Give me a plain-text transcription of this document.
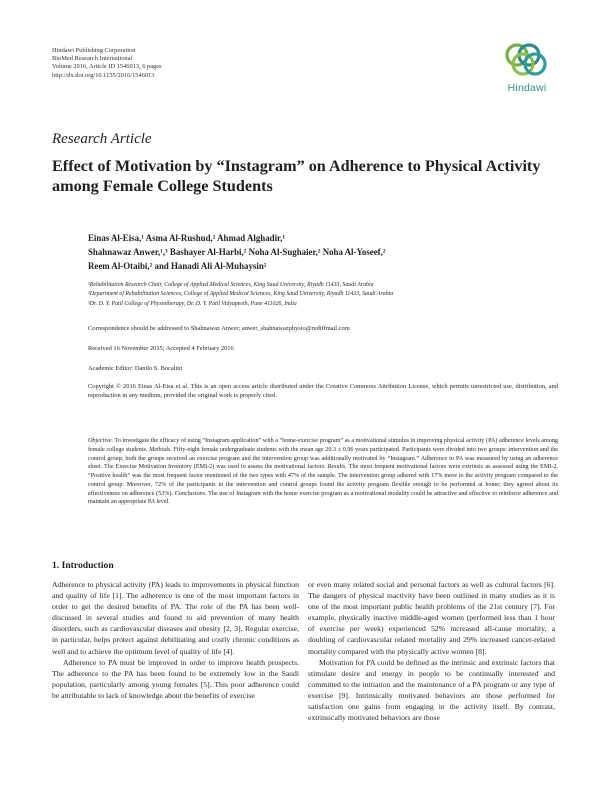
Hindawi Publishing Corporation
BioMed Research International
Volume 2016, Article ID 1546013, 6 pages
http://dx.doi.org/10.1155/2016/1546013
Hindawi
Research Article
Effect of Motivation by “Instagram” on Adherence to Physical Activity among Female College Students
Einas Al-Eisa,¹ Asma Al-Rushud,² Ahmad Alghadir,¹
Shahnawaz Anwer,¹,³ Bashayer Al-Harbi,² Noha Al-Sughaier,² Noha Al-Yoseef,²
Reem Al-Otaibi,² and Hanadi Ali Al-Muhaysin²
¹Rehabilitation Research Chair, College of Applied Medical Sciences, King Saud University, Riyadh 11433, Saudi Arabia
²Department of Rehabilitation Sciences, College of Applied Medical Sciences, King Saud University, Riyadh 11433, Saudi Arabia
³Dr. D. Y. Patil College of Physiotherapy, Dr. D. Y. Patil Vidyapeeth, Pune 411026, India
Correspondence should be addressed to Shahnawaz Anwer; anwer_shahnawazphysio@rediffmail.com
Received 16 November 2015; Accepted 4 February 2016
Academic Editor: Danilo S. Bocalini
Copyright © 2016 Einas Al-Eisa et al. This is an open access article distributed under the Creative Commons Attribution License, which permits unrestricted use, distribution, and reproduction in any medium, provided the original work is properly cited.
Objective. To investigate the efficacy of using “Instagram application” with a “home-exercise program” as a motivational stimulus in improving physical activity (PA) adherence levels among female college students. Methods. Fifty-eight female undergraduate students with the mean age 20.3 ± 0.96 years participated. Participants were divided into two groups: intervention and the control group; both the groups received an exercise program and the intervention group was additionally motivated by “Instagram.” Adherence to PA was measured by using an adherence sheet. The Exercise Motivation Inventory (EMI-2) was used to assess the motivational factors. Results. The most frequent motivational factors were extrinsic as assessed using the EMI-2. “Positive health” was the most frequent factor mentioned of the two types with 47% of the sample. The intervention group adhered with 17% more to the activity program compared to the control group. Moreover, 72% of the participants in the intervention and control groups found the activity program flexible enough to be performed at home; they agreed about its effectiveness on adherence (53%). Conclusions. The use of Instagram with the home exercise program as a motivational modality could be attractive and effective to reinforce adherence and maintain an appropriate PA level.
1. Introduction

Adherence to physical activity (PA) leads to improvements in physical function and quality of life [1]. The adherence is one of the most important factors in order to get the desired benefits of PA. The role of the PA has been well-discussed in several studies and found to aid prevention of many health disorders, such as cardiovascular diseases and obesity [2, 3]. Regular exercise, in particular, helps protect against debilitating and costly chronic conditions as well and to achieve the optimum level of quality of life [4].

Adherence to PA must be improved in order to improve health prospects. The adherence to the PA has been found to be extremely low in the Saudi population, particularly among young females [5]. This poor adherence could be attributable to lack of knowledge about the benefits of exercise

or even many related social and personal factors as well as cultural factors [6]. The dangers of physical inactivity have been outlined in many studies as it is one of the most important public health problems of the 21st century [7]. For example, physically inactive middle-aged women (performed less than 1 hour of exercise per week) experienced 52% increased all-cause mortality, a doubling of cardiovascular related mortality and 29% increased cancer-related mortality compared with the physically active women [8].

Motivation for PA could be defined as the intrinsic and extrinsic factors that stimulate desire and energy in people to be continually interested and committed to the initiation and the maintenance of a PA program or any type of exercise [9]. Intrinsically motivated behaviors are those performed for satisfaction one gains from engaging in the activity itself. By contrast, extrinsically motivated behaviors are those
